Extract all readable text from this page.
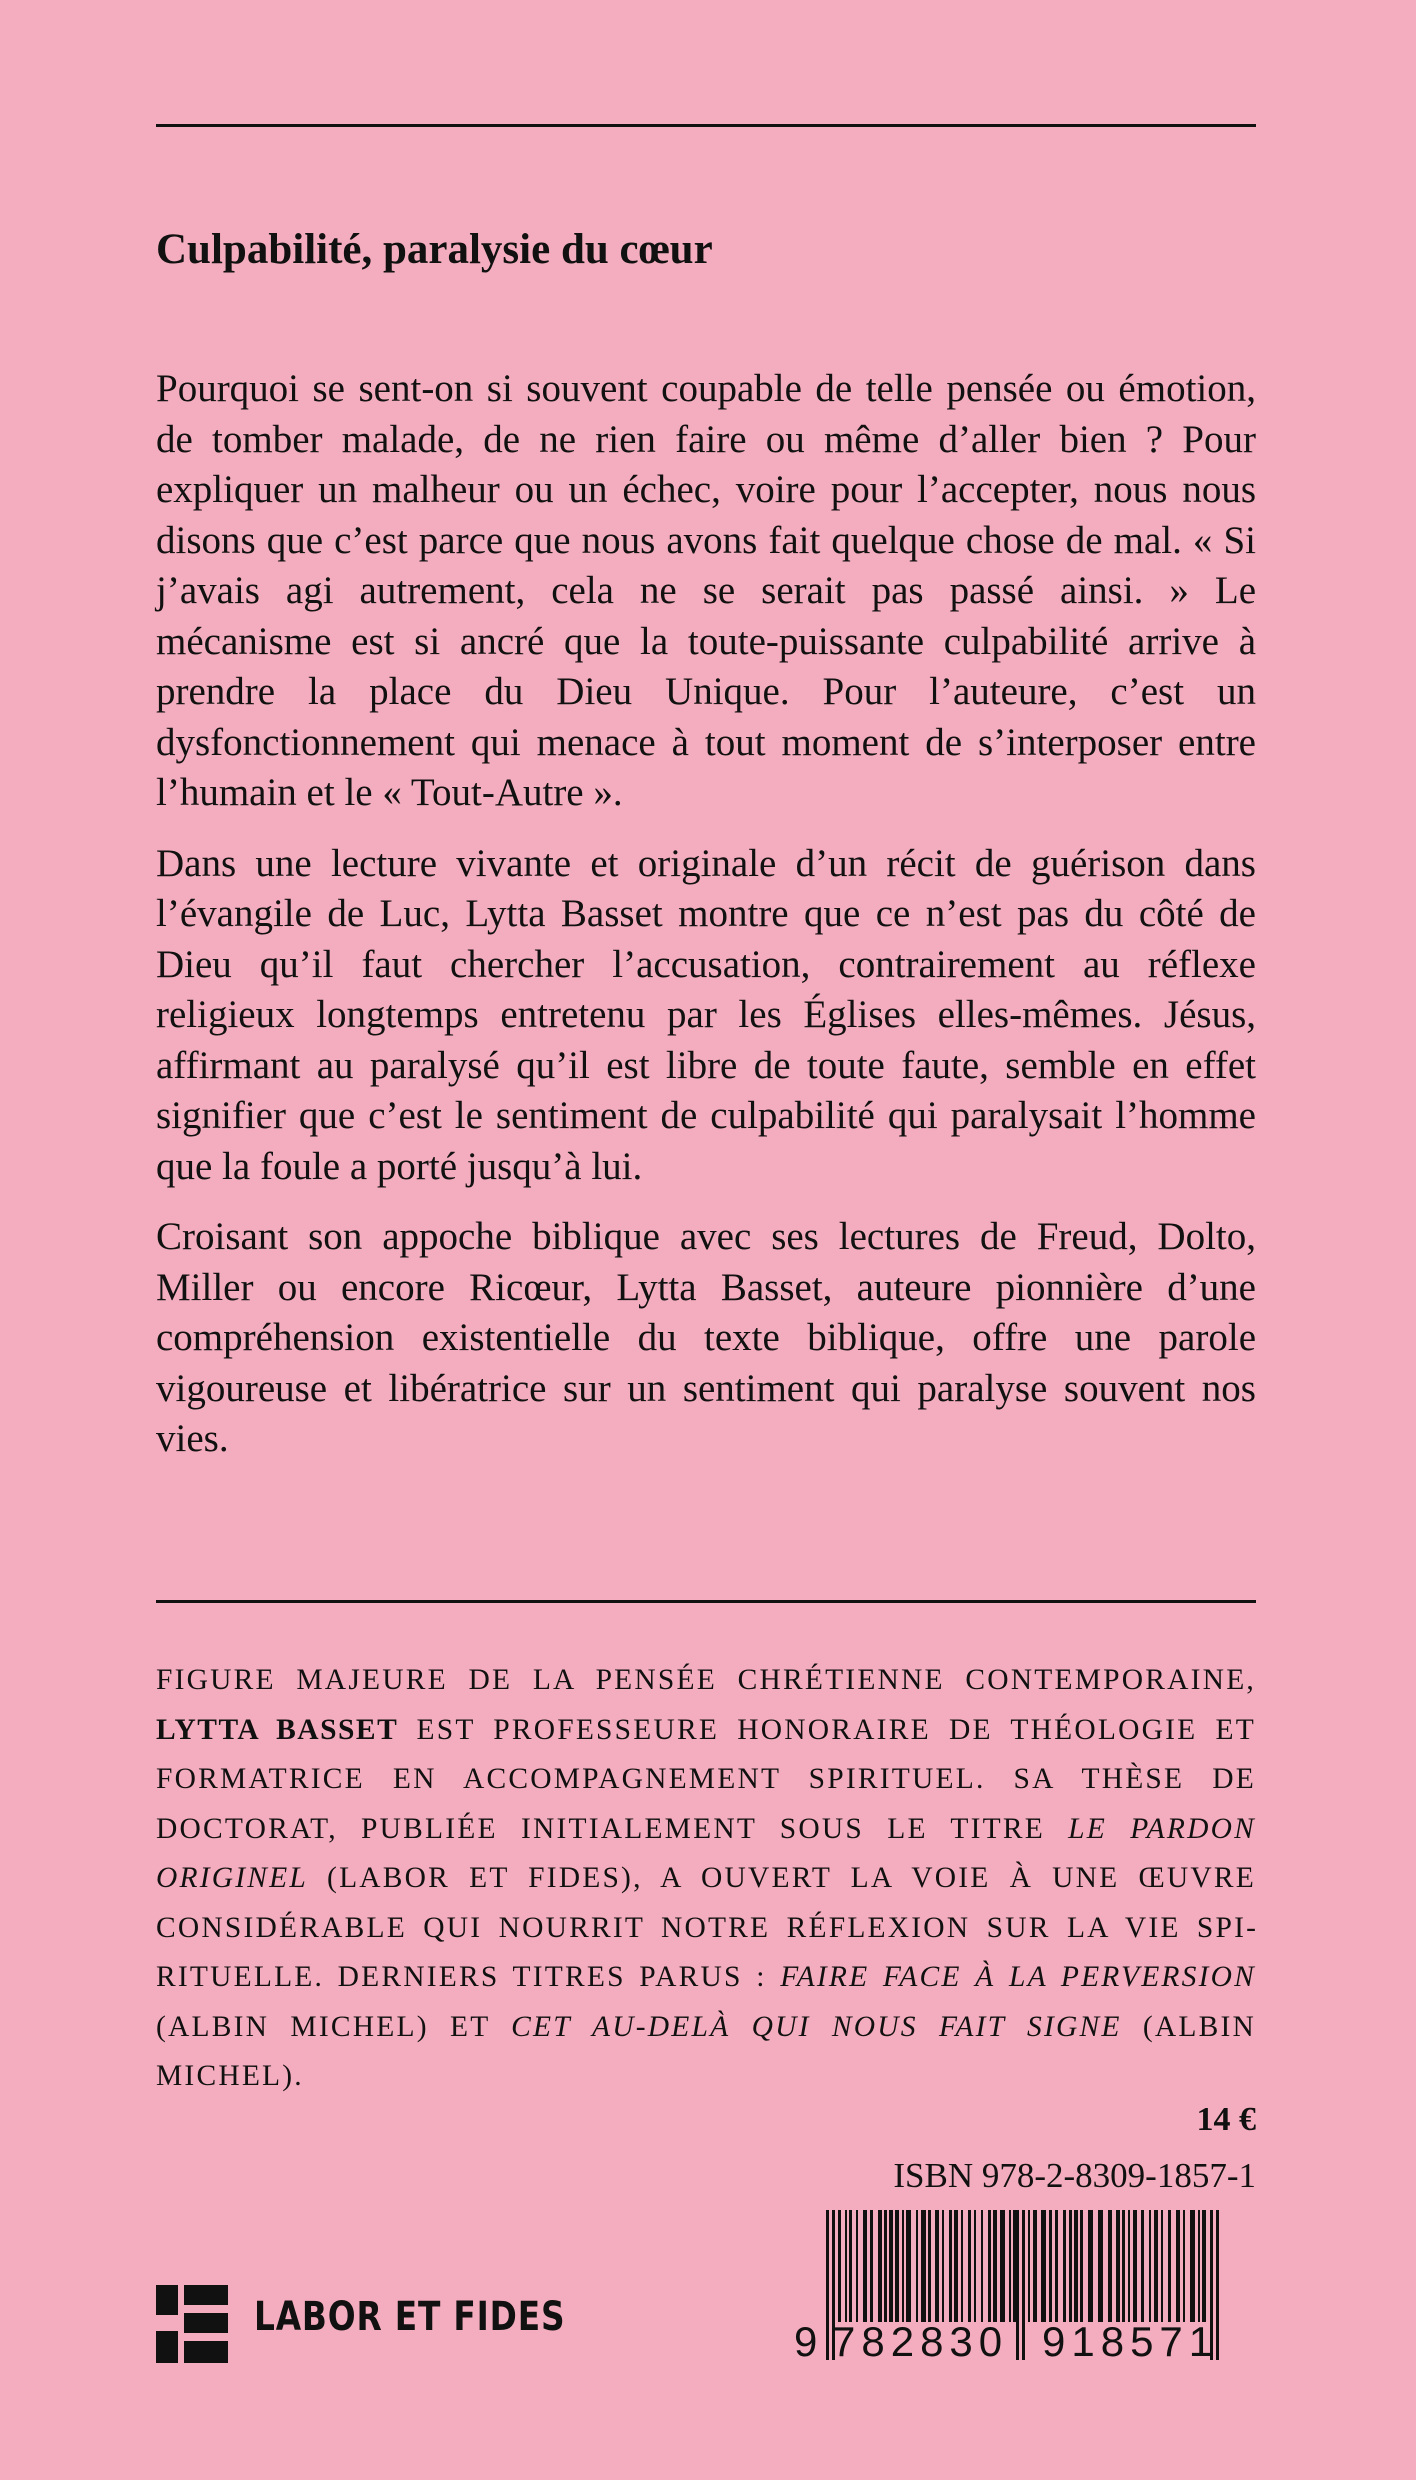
Culpabilité, paralysie du cœur

Pourquoi se sent-on si souvent coupable de telle pensée ou émotion, de tomber malade, de ne rien faire ou même d’aller bien ? Pour expliquer un malheur ou un échec, voire pour l’accepter, nous nous disons que c’est parce que nous avons fait quelque chose de mal. « Si j’avais agi autrement, cela ne se serait pas passé ainsi. » Le mécanisme est si ancré que la toute-puissante culpabilité arrive à prendre la place du Dieu Unique. Pour l’auteure, c’est un dysfonctionnement qui menace à tout moment de s’interposer entre l’humain et le « Tout-Autre ».

Dans une lecture vivante et originale d’un récit de guérison dans l’évangile de Luc, Lytta Basset montre que ce n’est pas du côté de Dieu qu’il faut chercher l’accusation, contrairement au réflexe religieux longtemps entretenu par les Églises elles-mêmes. Jésus, affirmant au paralysé qu’il est libre de toute faute, semble en effet signifier que c’est le sentiment de culpabilité qui paralysait l’homme que la foule a porté jusqu’à lui.

Croisant son appoche biblique avec ses lectures de Freud, Dolto, Miller ou encore Ricœur, Lytta Basset, auteure pionnière d’une compréhension existentielle du texte biblique, offre une parole vigoureuse et libératrice sur un sentiment qui paralyse souvent nos vies.

FIGURE MAJEURE DE LA PENSÉE CHRÉTIENNE CONTEMPORAINE, LYTTA BASSET EST PROFESSEURE HONORAIRE DE THÉOLOGIE ET FORMATRICE EN ACCOMPAGNEMENT SPIRITUEL. SA THÈSE DE DOCTORAT, PUBLIÉE INITIALEMENT SOUS LE TITRE LE PARDON ORIGINEL (LABOR ET FIDES), A OUVERT LA VOIE À UNE ŒUVRE CONSIDÉRABLE QUI NOURRIT NOTRE RÉFLEXION SUR LA VIE SPIRITUELLE. DERNIERS TITRES PARUS : FAIRE FACE À LA PERVERSION (ALBIN MICHEL) ET CET AU-DELÀ QUI NOUS FAIT SIGNE (ALBIN MICHEL).

14 €
ISBN 978-2-8309-1857-1
9 782830 918571
LABOR ET FIDES
